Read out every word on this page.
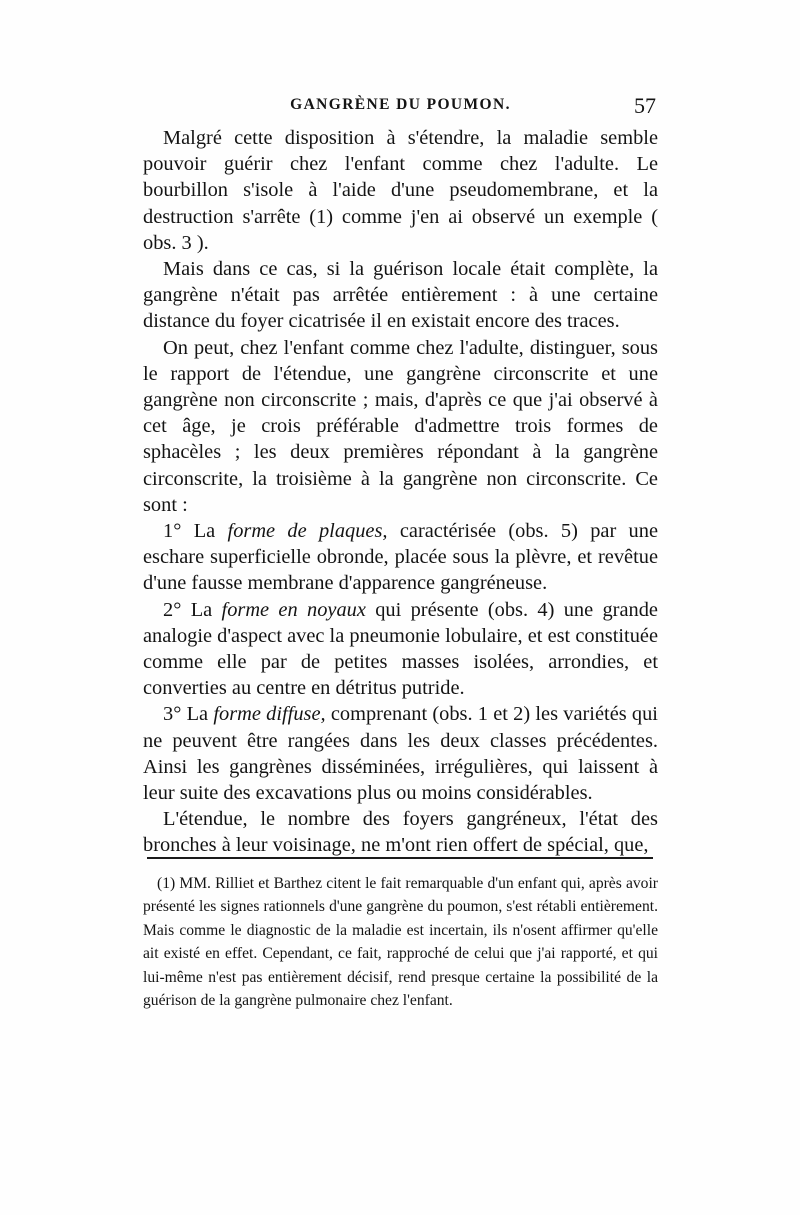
GANGRÈNE DU POUMON.	57

Malgré cette disposition à s'étendre, la maladie semble pouvoir guérir chez l'enfant comme chez l'adulte. Le bourbillon s'isole à l'aide d'une pseudomembrane, et la destruction s'arrête (1) comme j'en ai observé un exemple ( obs. 3 ).

Mais dans ce cas, si la guérison locale était complète, la gangrène n'était pas arrêtée entièrement : à une certaine distance du foyer cicatrisée il en existait encore des traces.

On peut, chez l'enfant comme chez l'adulte, distinguer, sous le rapport de l'étendue, une gangrène circonscrite et une gangrène non circonscrite ; mais, d'après ce que j'ai observé à cet âge, je crois préférable d'admettre trois formes de sphacèles ; les deux premières répondant à la gangrène circonscrite, la troisième à la gangrène non circonscrite. Ce sont :

1° La forme de plaques, caractérisée (obs. 5) par une eschare superficielle obronde, placée sous la plèvre, et revêtue d'une fausse membrane d'apparence gangréneuse.

2° La forme en noyaux qui présente (obs. 4) une grande analogie d'aspect avec la pneumonie lobulaire, et est constituée comme elle par de petites masses isolées, arrondies, et converties au centre en détritus putride.

3° La forme diffuse, comprenant (obs. 1 et 2) les variétés qui ne peuvent être rangées dans les deux classes précédentes. Ainsi les gangrènes disséminées, irrégulières, qui laissent à leur suite des excavations plus ou moins considérables.

L'étendue, le nombre des foyers gangréneux, l'état des bronches à leur voisinage, ne m'ont rien offert de spécial, que,

(1) MM. Rilliet et Barthez citent le fait remarquable d'un enfant qui, après avoir présenté les signes rationnels d'une gangrène du poumon, s'est rétabli entièrement. Mais comme le diagnostic de la maladie est incertain, ils n'osent affirmer qu'elle ait existé en effet. Cependant, ce fait, rapproché de celui que j'ai rapporté, et qui lui-même n'est pas entièrement décisif, rend presque certaine la possibilité de la guérison de la gangrène pulmonaire chez l'enfant.
